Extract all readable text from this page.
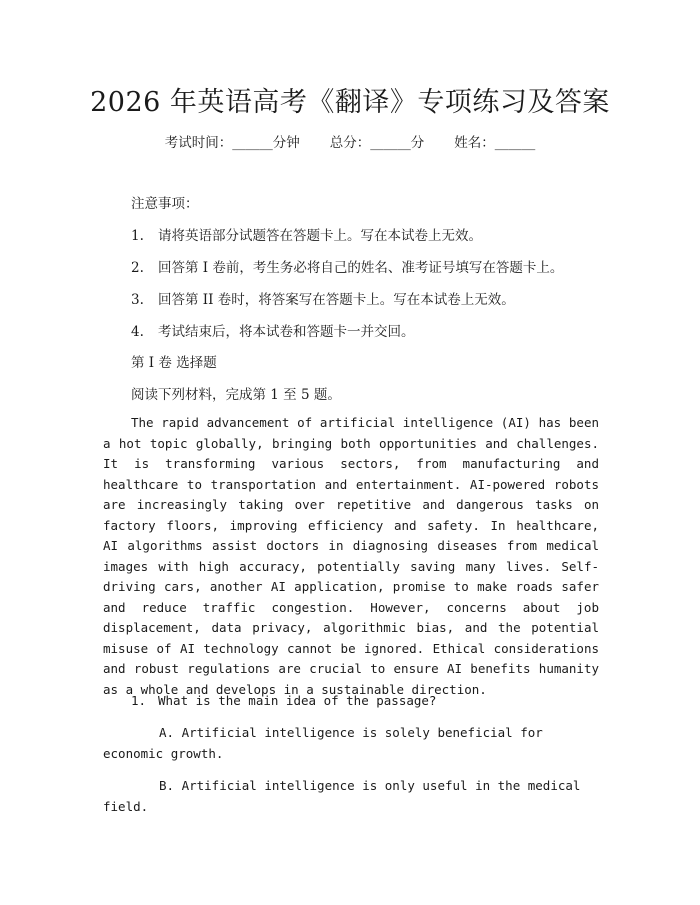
2026 年英语高考《翻译》专项练习及答案
考试时间：______分钟 总分：______分 姓名：______
注意事项：
1. 请将英语部分试题答在答题卡上。写在本试卷上无效。
2. 回答第 I 卷前，考生务必将自己的姓名、准考证号填写在答题卡上。
3. 回答第 II 卷时，将答案写在答题卡上。写在本试卷上无效。
4. 考试结束后，将本试卷和答题卡一并交回。
第 I 卷 选择题
阅读下列材料，完成第 1 至 5 题。

The rapid advancement of artificial intelligence (AI) has been a hot topic globally, bringing both opportunities and challenges. It is transforming various sectors, from manufacturing and healthcare to transportation and entertainment. AI-powered robots are increasingly taking over repetitive and dangerous tasks on factory floors, improving efficiency and safety. In healthcare, AI algorithms assist doctors in diagnosing diseases from medical images with high accuracy, potentially saving many lives. Self-driving cars, another AI application, promise to make roads safer and reduce traffic congestion. However, concerns about job displacement, data privacy, algorithmic bias, and the potential misuse of AI technology cannot be ignored. Ethical considerations and robust regulations are crucial to ensure AI benefits humanity as a whole and develops in a sustainable direction.

1. What is the main idea of the passage?

A. Artificial intelligence is solely beneficial for economic growth.

B. Artificial intelligence is only useful in the medical field.
